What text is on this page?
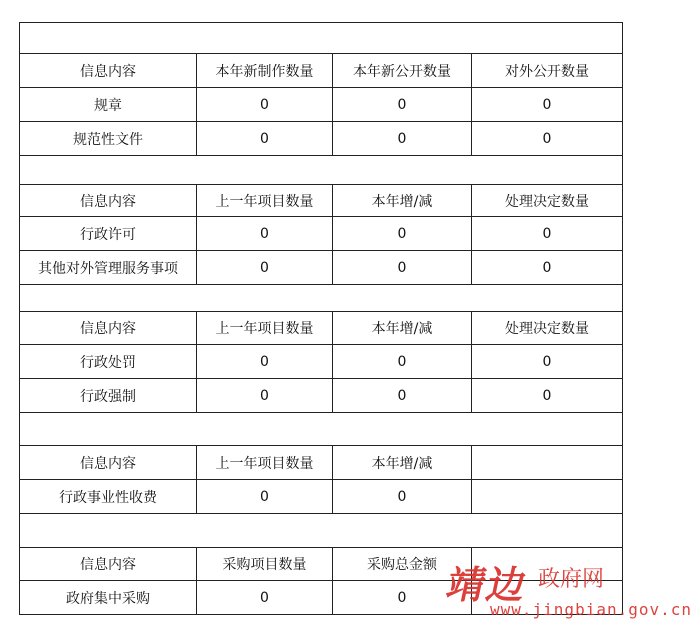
信息内容	本年新制作数量	本年新公开数量	对外公开数量
规章	0	0	0
规范性文件	0	0	0

信息内容	上一年项目数量	本年增/减	处理决定数量
行政许可	0	0	0
其他对外管理服务事项	0	0	0

信息内容	上一年项目数量	本年增/减	处理决定数量
行政处罚	0	0	0
行政强制	0	0	0

信息内容	上一年项目数量	本年增/减	
行政事业性收费	0	0	

信息内容	采购项目数量	采购总金额	
政府集中采购	0	0	靖边 政府网
www.jingbian.gov.cn
